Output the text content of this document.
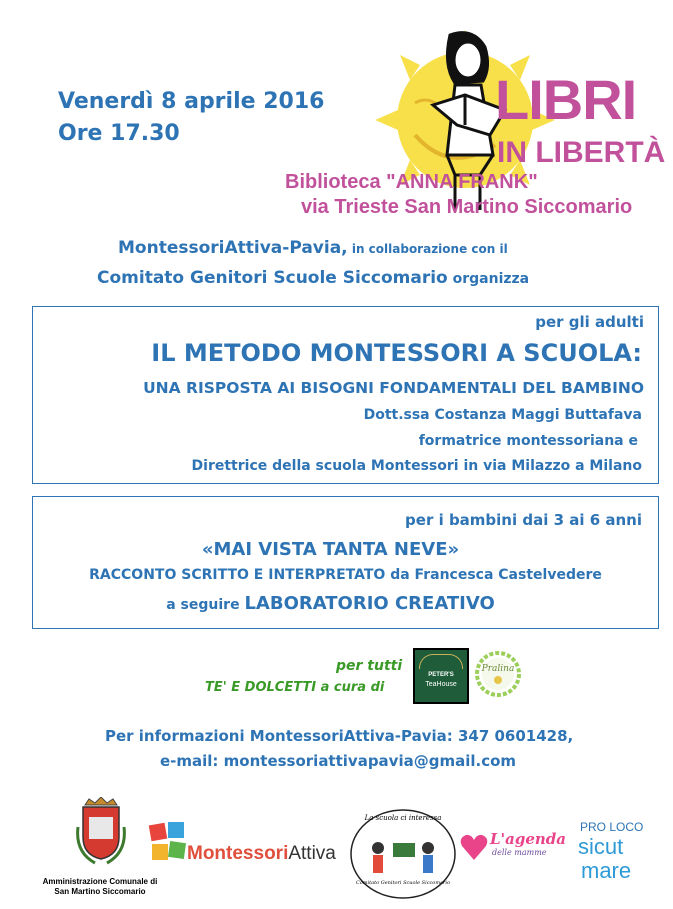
Venerdì 8 aprile 2016
Ore 17.30
LIBRI
IN LIBERTÀ
Biblioteca "ANNA FRANK"
via Trieste San Martino Siccomario
MontessoriAttiva-Pavia, in collaborazione con il
Comitato Genitori Scuole Siccomario organizza
per gli adulti
IL METODO MONTESSORI A SCUOLA:
UNA RISPOSTA AI BISOGNI FONDAMENTALI DEL BAMBINO
Dott.ssa Costanza Maggi Buttafava
formatrice montessoriana e
Direttrice della scuola Montessori in via Milazzo a Milano
per i bambini dai 3 ai 6 anni
«MAI VISTA TANTA NEVE»
RACCONTO SCRITTO E INTERPRETATO da Francesca Castelvedere
a seguire LABORATORIO CREATIVO
per tutti
TE' E DOLCETTI a cura di
PETER'S
TeaHouse
Pralina
Per informazioni MontessoriAttiva-Pavia: 347 0601428,
e-mail: montessoriattivapavia@gmail.com
Amministrazione Comunale di
San Martino Siccomario
MontessoriAttiva
La scuola ci interessa
Comitato Genitori Scuole Siccomario
L'agenda
delle mamme
PRO LOCO
sicut
mare
